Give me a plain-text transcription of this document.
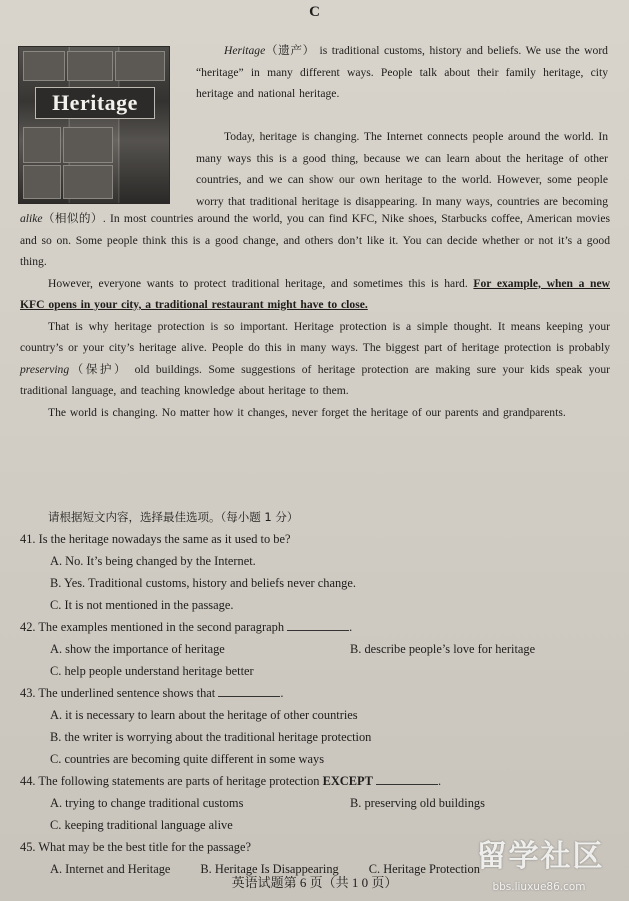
C
Heritage
Heritage（遗产） is traditional customs, history and beliefs. We use the word “heritage” in many different ways. People talk about their family heritage, city heritage and national heritage.
Today, heritage is changing. The Internet connects people around the world. In many ways this is a good thing, because we can learn about the heritage of other countries, and we can show our own heritage to the world. However, some people worry that traditional heritage is disappearing. In many ways, countries are becoming
alike（相似的）. In most countries around the world, you can find KFC, Nike shoes, Starbucks coffee, American movies and so on. Some people think this is a good change, and others don’t like it. You can decide whether or not it’s a good thing.
However, everyone wants to protect traditional heritage, and sometimes this is hard. For example, when a new KFC opens in your city, a traditional restaurant might have to close.
That is why heritage protection is so important. Heritage protection is a simple thought. It means keeping your country’s or your city’s heritage alive. People do this in many ways. The biggest part of heritage protection is probably preserving（保护） old buildings. Some suggestions of heritage protection are making sure your kids speak your traditional language, and teaching knowledge about heritage to them.
The world is changing. No matter how it changes, never forget the heritage of our parents and grandparents.
请根据短文内容，选择最佳选项。（每小题 1 分）
41. Is the heritage nowadays the same as it used to be?
A. No. It’s being changed by the Internet.
B. Yes. Traditional customs, history and beliefs never change.
C. It is not mentioned in the passage.
42. The examples mentioned in the second paragraph	.
A. show the importance of heritage	B. describe people’s love for heritage
C. help people understand heritage better
43. The underlined sentence shows that	.
A. it is necessary to learn about the heritage of other countries
B. the writer is worrying about the traditional heritage protection
C. countries are becoming quite different in some ways
44. The following statements are parts of heritage protection EXCEPT	.
A. trying to change traditional customs	B. preserving old buildings
C. keeping traditional language alive
45. What may be the best title for the passage?
A. Internet and Heritage B. Heritage Is Disappearing C. Heritage Protection
英语试题第 6 页（共 1 0 页）
留学社区
bbs.liuxue86.com
